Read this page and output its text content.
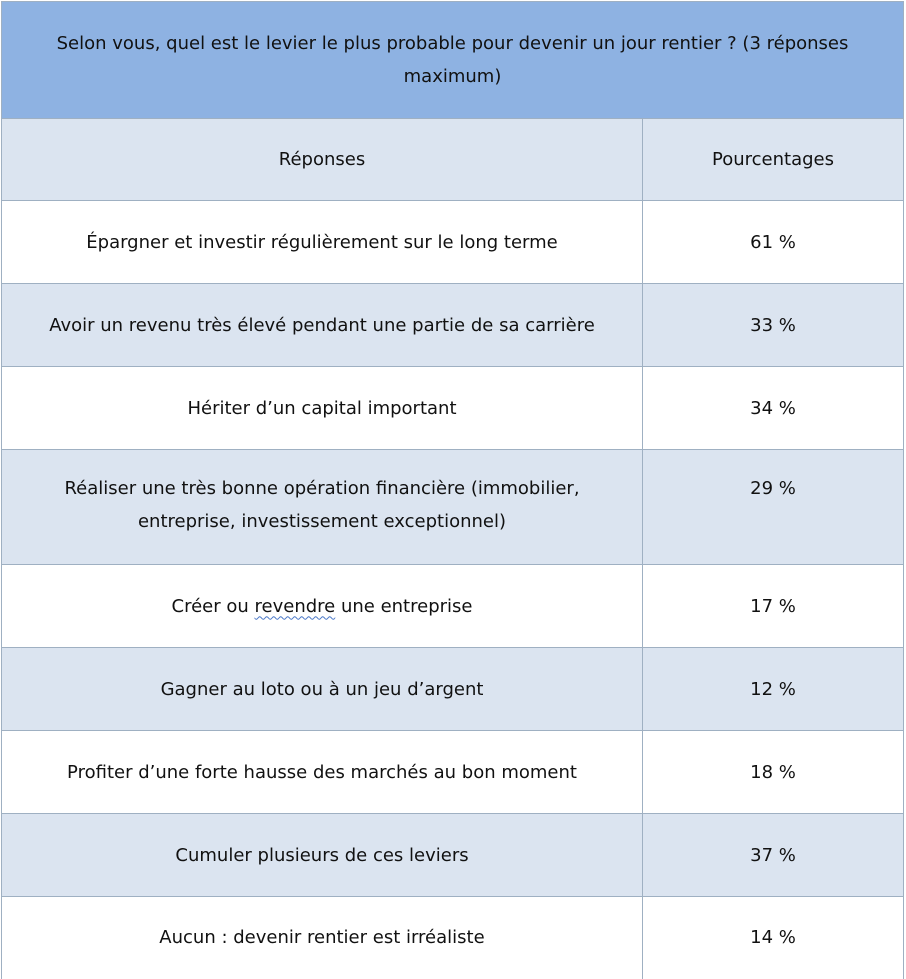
Selon vous, quel est le levier le plus probable pour devenir un jour rentier ? (3 réponses maximum)	
Réponses	Pourcentages
Épargner et investir régulièrement sur le long terme	61 %
Avoir un revenu très élevé pendant une partie de sa carrière	33 %
Hériter d’un capital important	34 %
Réaliser une très bonne opération financière (immobilier, entreprise, investissement exceptionnel)	29 %
Créer ou revendre une entreprise	17 %
Gagner au loto ou à un jeu d’argent	12 %
Profiter d’une forte hausse des marchés au bon moment	18 %
Cumuler plusieurs de ces leviers	37 %
Aucun : devenir rentier est irréaliste	14 %
